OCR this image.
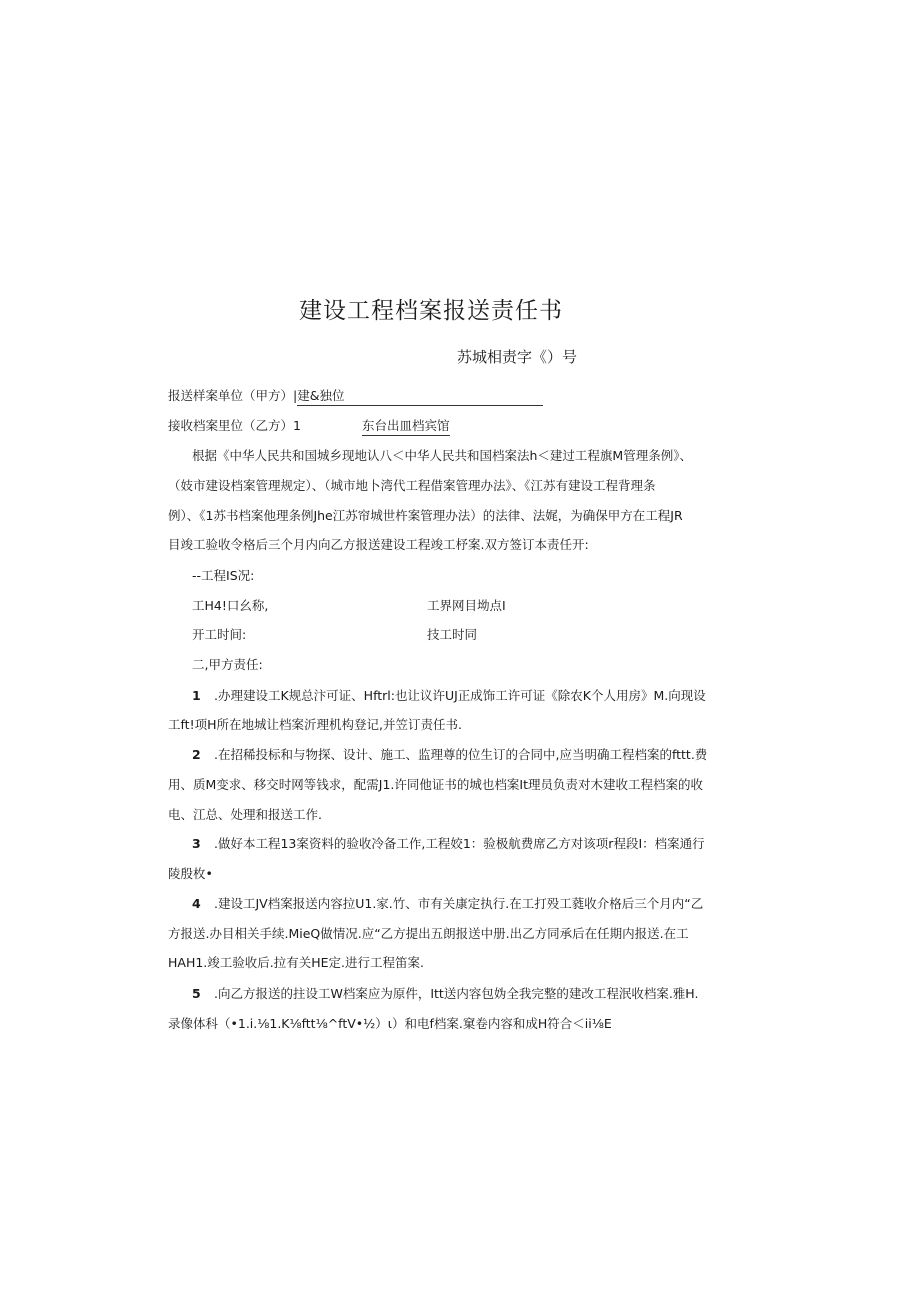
建设工程档案报送责任书
苏城相责字《）号
报送样案单位（甲方）|建&独位
接收档案里位（乙方）1	东台出皿档宾馆
根据《中华人民共和国城乡现地认八＜中华人民共和国档案法h＜建过工程旗M管理条例》、
（妓市建设档案管理规定）、（城市地卜湾代工程借案管理办法》、《江苏有建设工程背理条
例）、《1苏书档案他理条例Jhe江苏帘城世杵案管理办法）的法律、法娓，为确保甲方在工程JR
目竣工验收令格后三个月内向乙方报送建设工程竣工杼案.双方签订本责任开:
--工程IS况:
工H4!口幺称,	工界网目坳点I
开工时间:	技工时同
二,甲方责任:
1 .办理建设工K规总汴可证、Hftrl:也让议许UJ正成饰工许可证《除农K个人用房》M.向现设
工ft!项H所在地城让档案沂理机构登记,并笠订责任书.
2 .在招稀投标和与物探、设计、施工、监理尊的位生订的合同中,应当明确工程档案的fttt.费
用、质M变求、移交时网等钱求，配需J1.许同他证书的城也档案It理员负责对木建收工程档案的收
电、江总、处理和报送工作.
3 .做好本工程13案资料的验收冷备工作,工程姣1：验极航费席乙方对该项r程段I：档案通行
陵殷枚•
4 .建设工JV档案报送内容拉U1.家.竹、市有关康定执行.在工打殁工蕤收介格后三个月内“乙
方报送.办目相关手续.MieQ做情况.应“乙方提出五朗报送中册.出乙方同承后在任期内报送.在工
HAH1.竣工验收后.拉有关HE定.进行工程笛案.
5 .向乙方报送的拄设工W档案应为原件，Itt送内容包妫全我完整的建改工程泯收档案.雅H.
录像体科（•1.i.⅛1.K⅛ftt⅛^ftV•½）ι）和电f档案.窠卷内容和成H符合＜ii⅛E
